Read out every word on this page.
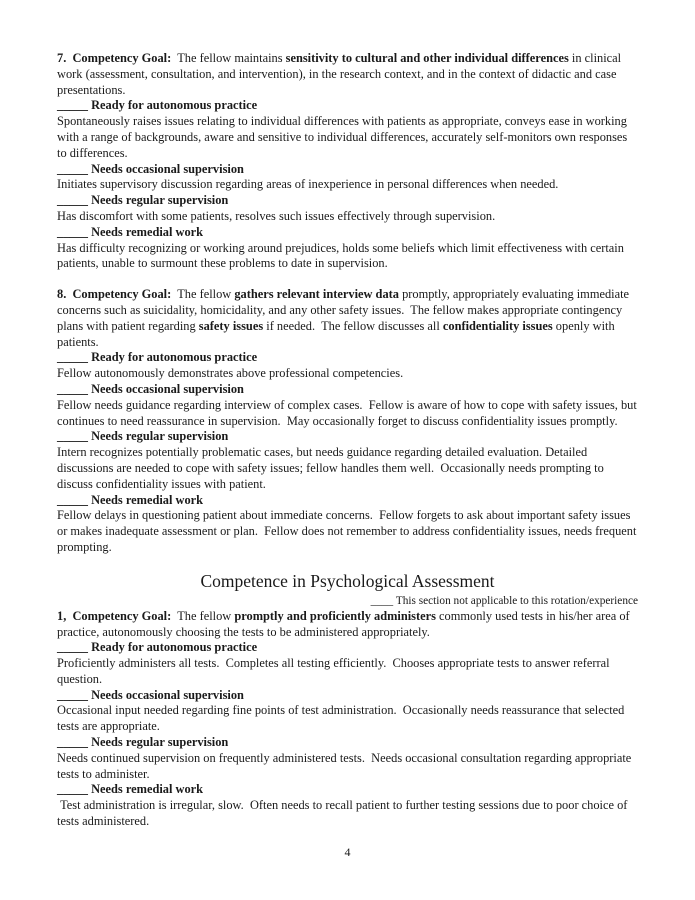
7.  Competency Goal:  The fellow maintains sensitivity to cultural and other individual differences in clinical work (assessment, consultation, and intervention), in the research context, and in the context of didactic and case presentations.
_____ Ready for autonomous practice
Spontaneously raises issues relating to individual differences with patients as appropriate, conveys ease in working with a range of backgrounds, aware and sensitive to individual differences, accurately self-monitors own responses to differences.
_____ Needs occasional supervision
Initiates supervisory discussion regarding areas of inexperience in personal differences when needed.
_____ Needs regular supervision
Has discomfort with some patients, resolves such issues effectively through supervision.
_____ Needs remedial work
Has difficulty recognizing or working around prejudices, holds some beliefs which limit effectiveness with certain patients, unable to surmount these problems to date in supervision.
8.  Competency Goal:  The fellow gathers relevant interview data promptly, appropriately evaluating immediate concerns such as suicidality, homicidality, and any other safety issues.  The fellow makes appropriate contingency plans with patient regarding safety issues if needed.  The fellow discusses all confidentiality issues openly with patients.
_____ Ready for autonomous practice
Fellow autonomously demonstrates above professional competencies.
_____ Needs occasional supervision
Fellow needs guidance regarding interview of complex cases.  Fellow is aware of how to cope with safety issues, but continues to need reassurance in supervision.  May occasionally forget to discuss confidentiality issues promptly.
_____ Needs regular supervision
Intern recognizes potentially problematic cases, but needs guidance regarding detailed evaluation. Detailed discussions are needed to cope with safety issues; fellow handles them well.  Occasionally needs prompting to discuss confidentiality issues with patient.
_____ Needs remedial work
Fellow delays in questioning patient about immediate concerns.  Fellow forgets to ask about important safety issues or makes inadequate assessment or plan.  Fellow does not remember to address confidentiality issues, needs frequent prompting.
Competence in Psychological Assessment
____ This section not applicable to this rotation/experience
1,  Competency Goal:  The fellow promptly and proficiently administers commonly used tests in his/her area of practice, autonomously choosing the tests to be administered appropriately.
_____ Ready for autonomous practice
Proficiently administers all tests.  Completes all testing efficiently.  Chooses appropriate tests to answer referral question.
_____ Needs occasional supervision
Occasional input needed regarding fine points of test administration.  Occasionally needs reassurance that selected tests are appropriate.
_____ Needs regular supervision
Needs continued supervision on frequently administered tests.  Needs occasional consultation regarding appropriate tests to administer.
_____ Needs remedial work
Test administration is irregular, slow.  Often needs to recall patient to further testing sessions due to poor choice of tests administered.
4
